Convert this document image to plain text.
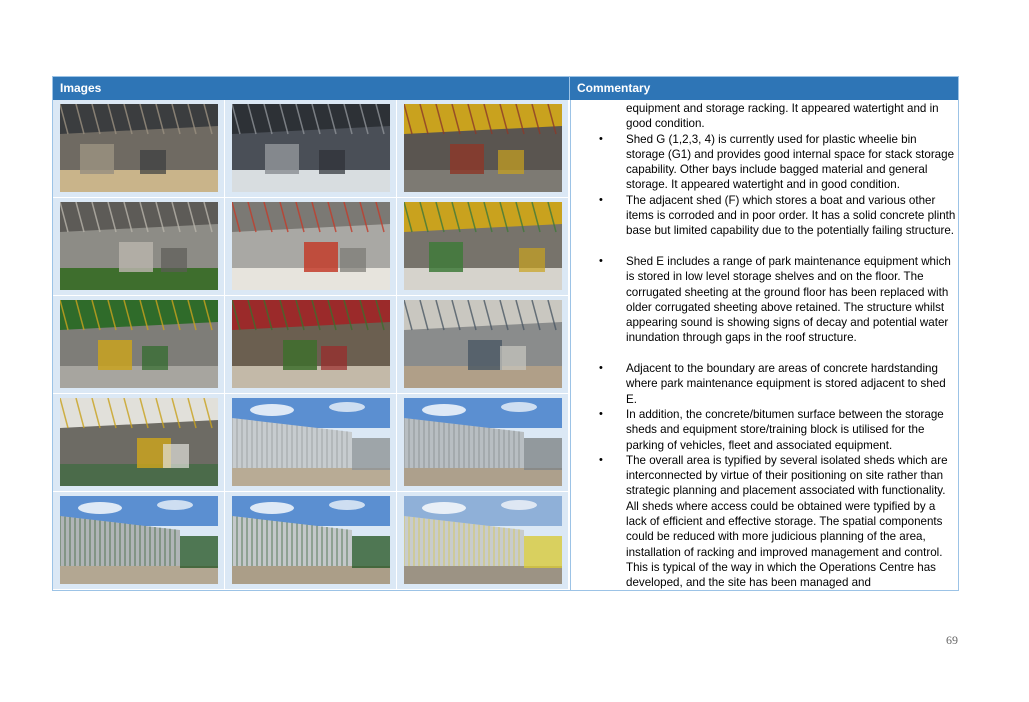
Images	Commentary
equipment and storage racking. It appeared watertight and in good condition.
• Shed G (1,2,3, 4) is currently used for plastic wheelie bin storage (G1) and provides good internal space for stack storage capability. Other bays include bagged material and general storage. It appeared watertight and in good condition.
• The adjacent shed (F) which stores a boat and various other items is corroded and in poor order. It has a solid concrete plinth base but limited capability due to the potentially failing structure.
• Shed E includes a range of park maintenance equipment which is stored in low level storage shelves and on the floor. The corrugated sheeting at the ground floor has been replaced with older corrugated sheeting above retained. The structure whilst appearing sound is showing signs of decay and potential water inundation through gaps in the roof structure.
• Adjacent to the boundary are areas of concrete hardstanding where park maintenance equipment is stored adjacent to shed E.
• In addition, the concrete/bitumen surface between the storage sheds and equipment store/training block is utilised for the parking of vehicles, fleet and associated equipment.
• The overall area is typified by several isolated sheds which are interconnected by virtue of their positioning on site rather than strategic planning and placement associated with functionality. All sheds where access could be obtained were typified by a lack of efficient and effective storage. The spatial components could be reduced with more judicious planning of the area, installation of racking and improved management and control. This is typical of the way in which the Operations Centre has developed, and the site has been managed and
69
